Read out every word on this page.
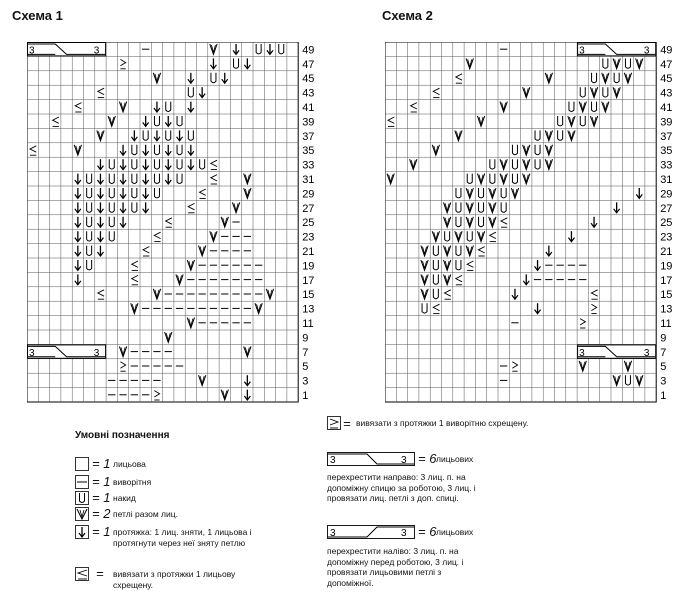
Схема 1	Схема 2
3	3
3	3
49
47
45
43
41
39
37
35
33
31
29
27
25
23
21
19
17
15
13
11
9
7
5
3
1
3	3
3	3
49
47
45
43
41
39
37
35
33
31
29
27
25
23
21
19
17
15
13
11
9
7
5
3
1
Умовні позначення
= 1 лицьова
= 1 виворітня
= 1 накид
= 2 петлі разом лиц.
= 1 протяжка: 1 лиц. зняти, 1 лицьова і протягнути через неї зняту петлю
= вивязати з протяжки 1 лицьову схрещену.
= вивязати з протяжки 1 виворітню схрещену.
3	3 = 6 лицьових
перехрестити направо: 3 лиц. п. на допоміжну спицю за роботою, 3 лиц. і провязати лиц. петлі з доп. спиці.
3	3 = 6 лицьових
перехрестити наліво: 3 лиц. п. на допоміжну перед роботою, 3 лиц. і провязати лицьовими петлі з допоміжної.
